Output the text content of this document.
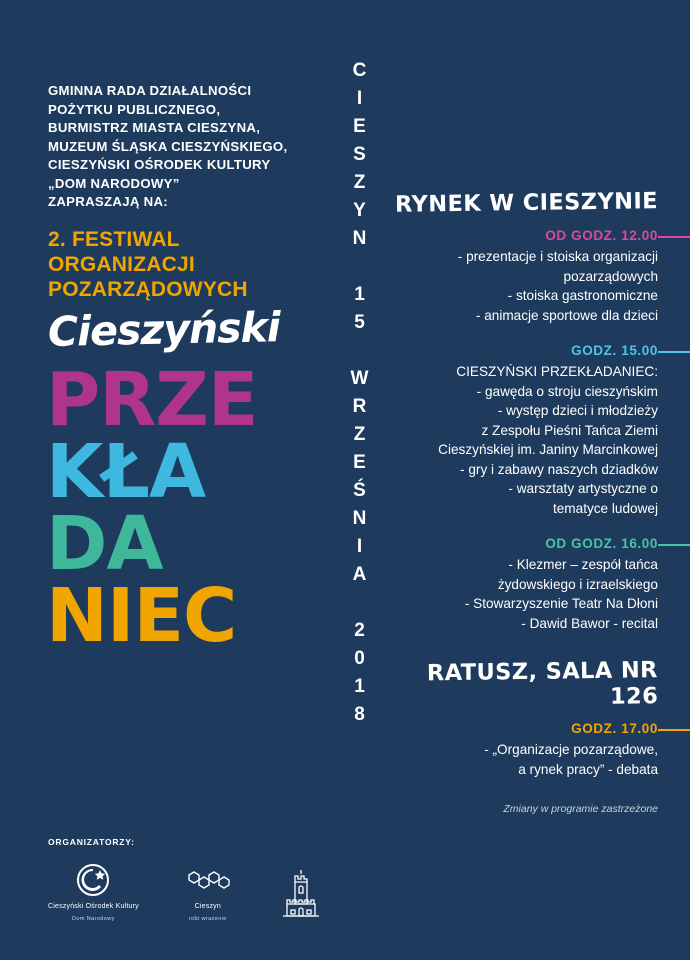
GMINNA RADA DZIAŁALNOŚCI
POŻYTKU PUBLICZNEGO,
BURMISTRZ MIASTA CIESZYNA,
MUZEUM ŚLĄSKA CIESZYŃSKIEGO,
CIESZYŃSKI OŚRODEK KULTURY
„DOM NARODOWY”
ZAPRASZAJĄ NA:
2. FESTIWAL
ORGANIZACJI
POZARZĄDOWYCH
Cieszyński
PRZE
KŁA
DA
NIEC	CIESZYN 15 WRZEŚNIA 2018 RYNEK W CIESZYNIE
OD GODZ. 12.00
- prezentacje i stoiska organizacji
pozarządowych
- stoiska gastronomiczne
- animacje sportowe dla dzieci
GODZ. 15.00
CIESZYŃSKI PRZEKŁADANIEC:
- gawęda o stroju cieszyńskim
- występ dzieci i młodzieży
z Zespołu Pieśni Tańca Ziemi
Cieszyńskiej im. Janiny Marcinkowej
- gry i zabawy naszych dziadków
- warsztaty artystyczne o
tematyce ludowej
OD GODZ. 16.00
- Klezmer – zespół tańca
żydowskiego i izraelskiego
- Stowarzyszenie Teatr Na Dłoni
- Dawid Bawor - recital
RATUSZ, SALA NR 126
GODZ. 17.00
- „Organizacje pozarządowe,
a rynek pracy” - debata
Zmiany w programie zastrzeżone
ORGANIZATORZY:
Cieszyński Ośrodek Kultury
Dom Narodowy
Cieszyn
robi wrażenie
